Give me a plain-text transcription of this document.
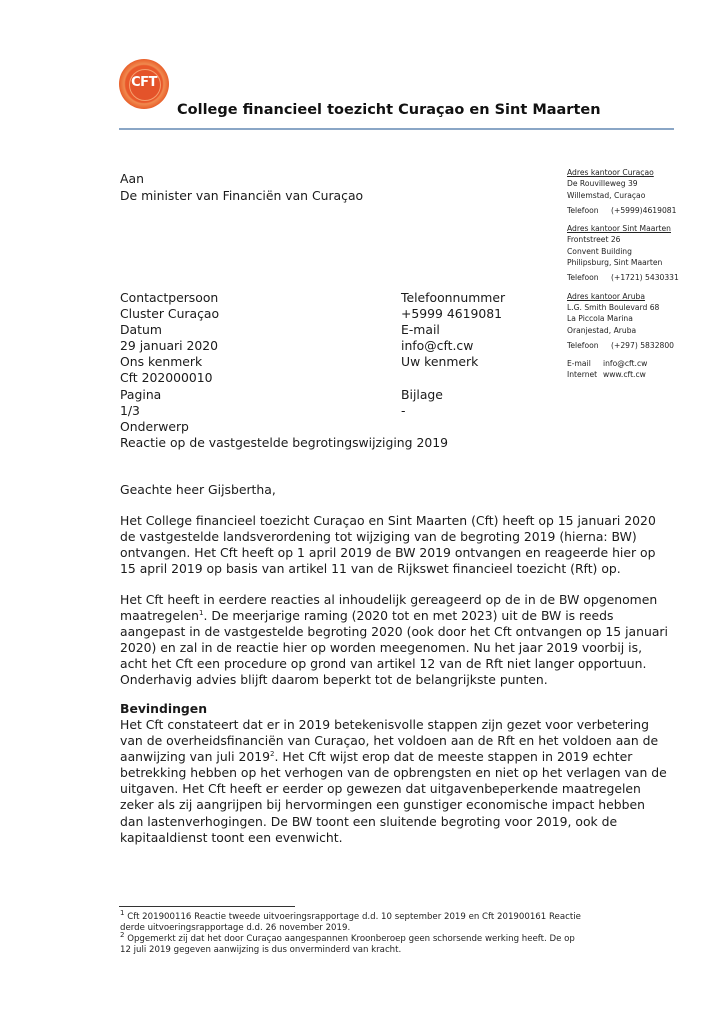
CFT
College financieel toezicht Curaçao en Sint Maarten
Adres kantoor Curaçao
De Rouvilleweg 39
Willemstad, Curaçao
Telefoon (+5999)4619081
Adres kantoor Sint Maarten
Frontstreet 26
Convent Building
Philipsburg, Sint Maarten
Telefoon (+1721) 5430331
Adres kantoor Aruba
L.G. Smith Boulevard 68
La Piccola Marina
Oranjestad, Aruba
Telefoon (+297) 5832800
E-mail info@cft.cw
Internet www.cft.cw
Aan
De minister van Financiën van Curaçao
Contactpersoon
Cluster Curaçao
Datum
29 januari 2020
Ons kenmerk
Cft 202000010
Pagina
1/3
Onderwerp
Reactie op de vastgestelde begrotingswijziging 2019
Telefoonnummer
+5999 4619081
E-mail
info@cft.cw
Uw kenmerk
Bijlage
-
Geachte heer Gijsbertha,
Het College financieel toezicht Curaçao en Sint Maarten (Cft) heeft op 15 januari 2020
de vastgestelde landsverordening tot wijziging van de begroting 2019 (hierna: BW)
ontvangen. Het Cft heeft op 1 april 2019 de BW 2019 ontvangen en reageerde hier op
15 april 2019 op basis van artikel 11 van de Rijkswet financieel toezicht (Rft) op.
Het Cft heeft in eerdere reacties al inhoudelijk gereageerd op de in de BW opgenomen
maatregelen$^1$. De meerjarige raming (2020 tot en met 2023) uit de BW is reeds
aangepast in de vastgestelde begroting 2020 (ook door het Cft ontvangen op 15 januari
2020) en zal in de reactie hier op worden meegenomen. Nu het jaar 2019 voorbij is,
acht het Cft een procedure op grond van artikel 12 van de Rft niet langer opportuun.
Onderhavig advies blijft daarom beperkt tot de belangrijkste punten.
Bevindingen
Het Cft constateert dat er in 2019 betekenisvolle stappen zijn gezet voor verbetering
van de overheidsfinanciën van Curaçao, het voldoen aan de Rft en het voldoen aan de
aanwijzing van juli 2019$^2$. Het Cft wijst erop dat de meeste stappen in 2019 echter
betrekking hebben op het verhogen van de opbrengsten en niet op het verlagen van de
uitgaven. Het Cft heeft er eerder op gewezen dat uitgavenbeperkende maatregelen
zeker als zij aangrijpen bij hervormingen een gunstiger economische impact hebben
dan lastenverhogingen. De BW toont een sluitende begroting voor 2019, ook de
kapitaaldienst toont een evenwicht.
$^1$ Cft 201900116 Reactie tweede uitvoeringsrapportage d.d. 10 september 2019 en Cft 201900161 Reactie
derde uitvoeringsrapportage d.d. 26 november 2019.
$^2$ Opgemerkt zij dat het door Curaçao aangespannen Kroonberoep geen schorsende werking heeft. De op
12 juli 2019 gegeven aanwijzing is dus onverminderd van kracht.
